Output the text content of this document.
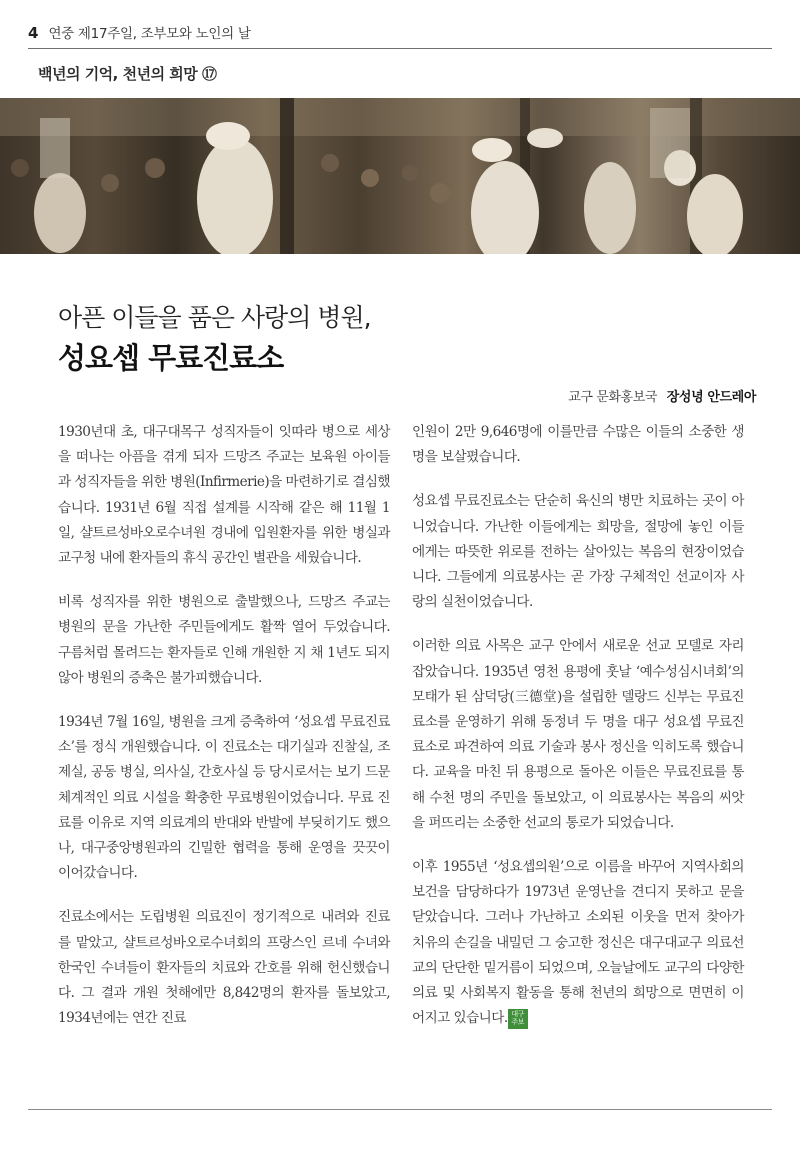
4 연중 제17주일, 조부모와 노인의 날
백년의 기억, 천년의 희망 ⑰
아픈 이들을 품은 사랑의 병원,
성요셉 무료진료소
교구 문화홍보국 장성녕 안드레아

1930년대 초, 대구대목구 성직자들이 잇따라 병으로 세상을 떠나는 아픔을 겪게 되자 드망즈 주교는 보육원 아이들과 성직자들을 위한 병원(Infirmerie)을 마련하기로 결심했습니다. 1931년 6월 직접 설계를 시작해 같은 해 11월 1일, 샬트르성바오로수녀원 경내에 입원환자를 위한 병실과 교구청 내에 환자들의 휴식 공간인 별관을 세웠습니다.

비록 성직자를 위한 병원으로 출발했으나, 드망즈 주교는 병원의 문을 가난한 주민들에게도 활짝 열어 두었습니다. 구름처럼 몰려드는 환자들로 인해 개원한 지 채 1년도 되지 않아 병원의 증축은 불가피했습니다.

1934년 7월 16일, 병원을 크게 증축하여 ‘성요셉 무료진료소’를 정식 개원했습니다. 이 진료소는 대기실과 진찰실, 조제실, 공동 병실, 의사실, 간호사실 등 당시로서는 보기 드문 체계적인 의료 시설을 확충한 무료병원이었습니다. 무료 진료를 이유로 지역 의료계의 반대와 반발에 부딪히기도 했으나, 대구중앙병원과의 긴밀한 협력을 통해 운영을 끗끗이 이어갔습니다.

진료소에서는 도립병원 의료진이 정기적으로 내려와 진료를 맡았고, 샬트르성바오로수녀회의 프랑스인 르네 수녀와 한국인 수녀들이 환자들의 치료와 간호를 위해 헌신했습니다. 그 결과 개원 첫해에만 8,842명의 환자를 돌보았고, 1934년에는 연간 진료

인원이 2만 9,646명에 이를만큼 수많은 이들의 소중한 생명을 보살폈습니다.

성요셉 무료진료소는 단순히 육신의 병만 치료하는 곳이 아니었습니다. 가난한 이들에게는 희망을, 절망에 놓인 이들에게는 따뜻한 위로를 전하는 살아있는 복음의 현장이었습니다. 그들에게 의료봉사는 곧 가장 구체적인 선교이자 사랑의 실천이었습니다.

이러한 의료 사목은 교구 안에서 새로운 선교 모델로 자리 잡았습니다. 1935년 영천 용평에 훗날 ‘예수성심시녀회’의 모태가 된 삼덕당(三德堂)을 설립한 델랑드 신부는 무료진료소를 운영하기 위해 동정녀 두 명을 대구 성요셉 무료진료소로 파견하여 의료 기술과 봉사 정신을 익히도록 했습니다. 교육을 마친 뒤 용평으로 돌아온 이들은 무료진료를 통해 수천 명의 주민을 돌보았고, 이 의료봉사는 복음의 씨앗을 퍼뜨리는 소중한 선교의 통로가 되었습니다.

이후 1955년 ‘성요셉의원’으로 이름을 바꾸어 지역사회의 보건을 담당하다가 1973년 운영난을 견디지 못하고 문을 닫았습니다. 그러나 가난하고 소외된 이웃을 먼저 찾아가 치유의 손길을 내밀던 그 숭고한 정신은 대구대교구 의료선교의 단단한 밑거름이 되었으며, 오늘날에도 교구의 다양한 의료 및 사회복지 활동을 통해 천년의 희망으로 면면히 이어지고 있습니다. 대구 주보
